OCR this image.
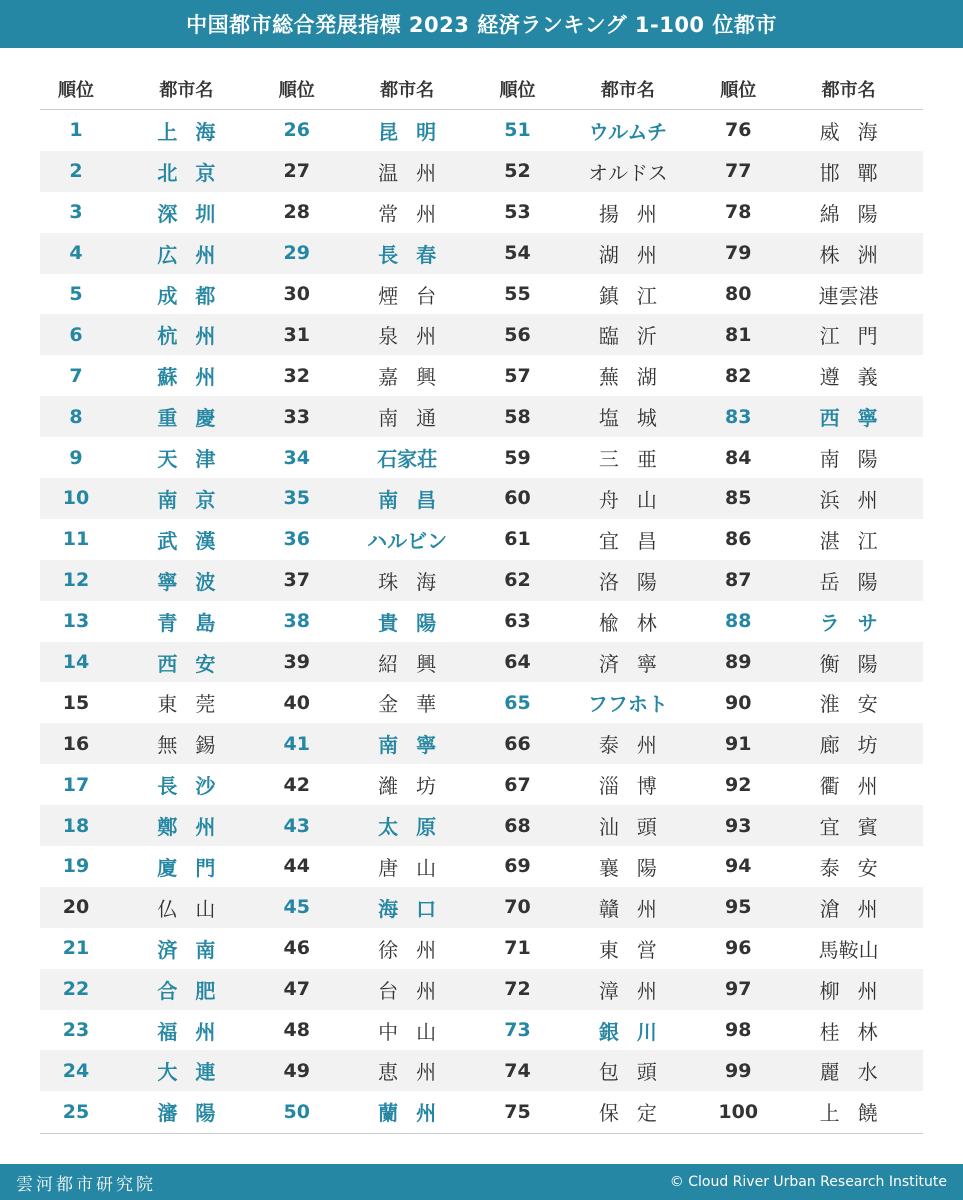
中国都市総合発展指標 2023 経済ランキング 1-100 位都市
順位	都市名	順位	都市名	順位	都市名	順位	都市名
1	上 海	26	昆 明	51	ウルムチ	76	威 海
2	北 京	27	温 州	52	オルドス	77	邯 鄲
3	深 圳	28	常 州	53	揚 州	78	綿 陽
4	広 州	29	長 春	54	湖 州	79	株 洲
5	成 都	30	煙 台	55	鎮 江	80	連雲港
6	杭 州	31	泉 州	56	臨 沂	81	江 門
7	蘇 州	32	嘉 興	57	蕪 湖	82	遵 義
8	重 慶	33	南 通	58	塩 城	83	西 寧
9	天 津	34	石家荘	59	三 亜	84	南 陽
10	南 京	35	南 昌	60	舟 山	85	浜 州
11	武 漢	36	ハルビン	61	宜 昌	86	湛 江
12	寧 波	37	珠 海	62	洛 陽	87	岳 陽
13	青 島	38	貴 陽	63	楡 林	88	ラ サ
14	西 安	39	紹 興	64	済 寧	89	衡 陽
15	東 莞	40	金 華	65	フフホト	90	淮 安
16	無 錫	41	南 寧	66	泰 州	91	廊 坊
17	長 沙	42	濰 坊	67	淄 博	92	衢 州
18	鄭 州	43	太 原	68	汕 頭	93	宜 賓
19	廈 門	44	唐 山	69	襄 陽	94	泰 安
20	仏 山	45	海 口	70	贛 州	95	滄 州
21	済 南	46	徐 州	71	東 営	96	馬鞍山
22	合 肥	47	台 州	72	漳 州	97	柳 州
23	福 州	48	中 山	73	銀 川	98	桂 林
24	大 連	49	恵 州	74	包 頭	99	麗 水
25	瀋 陽	50	蘭 州	75	保 定	100	上 饒
雲河都市研究院	© Cloud River Urban Research Institute
